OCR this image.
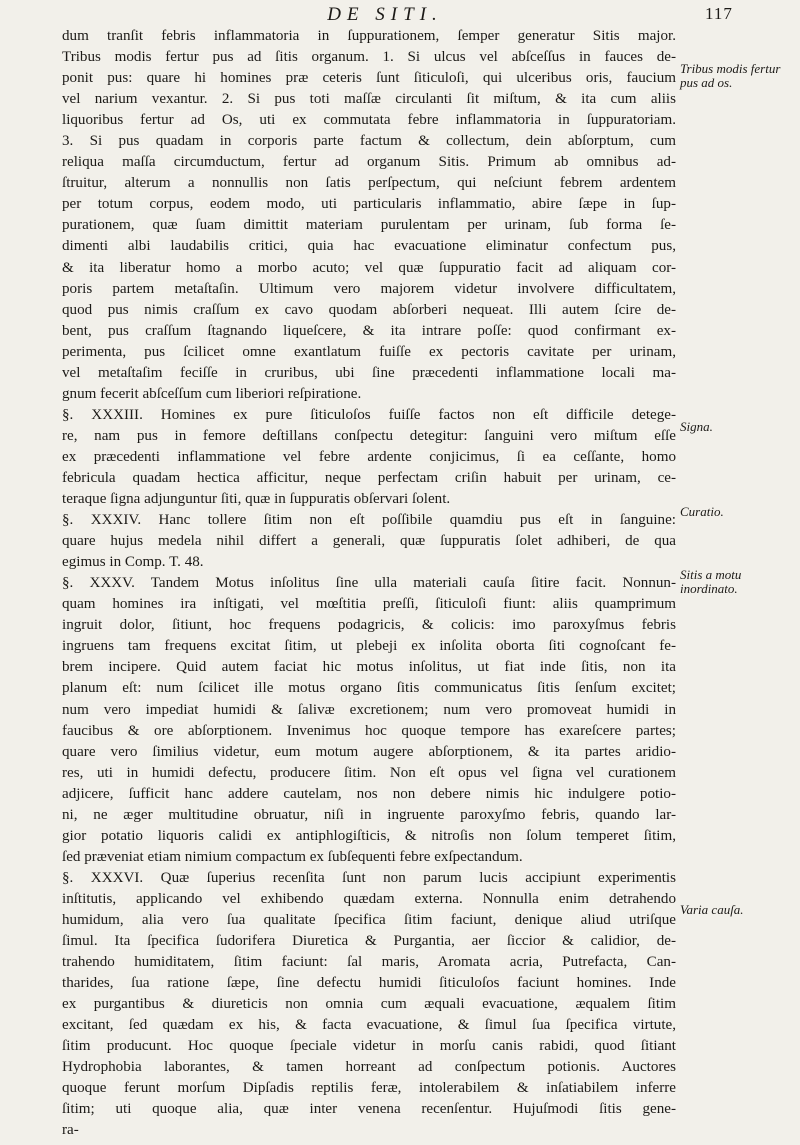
DE SITI.	117
dum tranſit febris inflammatoria in ſuppurationem, ſemper generatur Sitis major.
Tribus modis fertur pus ad ſitis organum. 1. Si ulcus vel abſceſſus in fauces de-
ponit pus: quare hi homines præ ceteris ſunt ſiticuloſi, qui ulceribus oris, faucium
vel narium vexantur. 2. Si pus toti maſſæ circulanti ſit miſtum, & ita cum aliis
liquoribus fertur ad Os, uti ex commutata febre inflammatoria in ſuppuratoriam.
3. Si pus quadam in corporis parte factum & collectum, dein abſorptum, cum
reliqua maſſa circumductum, fertur ad organum Sitis. Primum ab omnibus ad-
ſtruitur, alterum a nonnullis non ſatis perſpectum, qui neſciunt febrem ardentem
per totum corpus, eodem modo, uti particularis inflammatio, abire ſæpe in ſup-
purationem, quæ ſuam dimittit materiam purulentam per urinam, ſub forma ſe-
dimenti albi laudabilis critici, quia hac evacuatione eliminatur confectum pus,
& ita liberatur homo a morbo acuto; vel quæ ſuppuratio facit ad aliquam cor-
poris partem metaſtaſin. Ultimum vero majorem videtur involvere difficultatem,
quod pus nimis craſſum ex cavo quodam abſorberi nequeat. Illi autem ſcire de-
bent, pus craſſum ſtagnando liqueſcere, & ita intrare poſſe: quod confirmant ex-
perimenta, pus ſcilicet omne exantlatum fuiſſe ex pectoris cavitate per urinam,
vel metaſtaſim feciſſe in cruribus, ubi ſine præcedenti inflammatione locali ma-
gnum fecerit abſceſſum cum liberiori reſpiratione.
§. XXXIII. Homines ex pure ſiticuloſos fuiſſe factos non eſt difficile detege-
re, nam pus in femore deſtillans conſpectu detegitur: ſanguini vero miſtum eſſe
ex præcedenti inflammatione vel febre ardente conjicimus, ſi ea ceſſante, homo
febricula quadam hectica afficitur, neque perfectam criſin habuit per urinam, ce-
teraque ſigna adjunguntur ſiti, quæ in ſuppuratis obſervari ſolent.
§. XXXIV. Hanc tollere ſitim non eſt poſſibile quamdiu pus eſt in ſanguine:
quare hujus medela nihil differt a generali, quæ ſuppuratis ſolet adhiberi, de qua
egimus in Comp. T. 48.
§. XXXV. Tandem Motus inſolitus ſine ulla materiali cauſa ſitire facit. Nonnun-
quam homines ira inſtigati, vel mœſtitia preſſi, ſiticuloſi fiunt: aliis quamprimum
ingruit dolor, ſitiunt, hoc frequens podagricis, & colicis: imo paroxyſmus febris
ingruens tam frequens excitat ſitim, ut plebeji ex inſolita oborta ſiti cognoſcant fe-
brem incipere. Quid autem faciat hic motus inſolitus, ut fiat inde ſitis, non ita
planum eſt: num ſcilicet ille motus organo ſitis communicatus ſitis ſenſum excitet;
num vero impediat humidi & ſalivæ excretionem; num vero promoveat humidi in
faucibus & ore abſorptionem. Invenimus hoc quoque tempore has exareſcere partes;
quare vero ſimilius videtur, eum motum augere abſorptionem, & ita partes aridio-
res, uti in humidi defectu, producere ſitim. Non eſt opus vel ſigna vel curationem
adjicere, ſufficit hanc addere cautelam, nos non debere nimis hic indulgere potio-
ni, ne æger multitudine obruatur, niſi in ingruente paroxyſmo febris, quando lar-
gior potatio liquoris calidi ex antiphlogiſticis, & nitroſis non ſolum temperet ſitim,
ſed præveniat etiam nimium compactum ex ſubſequenti febre exſpectandum.
§. XXXVI. Quæ ſuperius recenſita ſunt non parum lucis accipiunt experimentis
inſtitutis, applicando vel exhibendo quædam externa. Nonnulla enim detrahendo
humidum, alia vero ſua qualitate ſpecifica ſitim faciunt, denique aliud utriſque
ſimul. Ita ſpecifica ſudorifera Diuretica & Purgantia, aer ſiccior & calidior, de-
trahendo humiditatem, ſitim faciunt: ſal maris, Aromata acria, Putrefacta, Can-
tharides, ſua ratione ſæpe, ſine defectu humidi ſiticuloſos faciunt homines. Inde
ex purgantibus & diureticis non omnia cum æquali evacuatione, æqualem ſitim
excitant, ſed quædam ex his, & facta evacuatione, & ſimul ſua ſpecifica virtute,
ſitim producunt. Hoc quoque ſpeciale videtur in morſu canis rabidi, quod ſitiant
Hydrophobia laborantes, & tamen horreant ad conſpectum potionis. Auctores
quoque ferunt morſum Dipſadis reptilis feræ, intolerabilem & inſatiabilem inferre
ſitim; uti quoque alia, quæ inter venena recenſentur. Hujuſmodi ſitis gene-
ra-
Tribus modis fertur pus ad os.
Signa.
Curatio.
Sitis a motu inordinato.
Varia cauſa.
